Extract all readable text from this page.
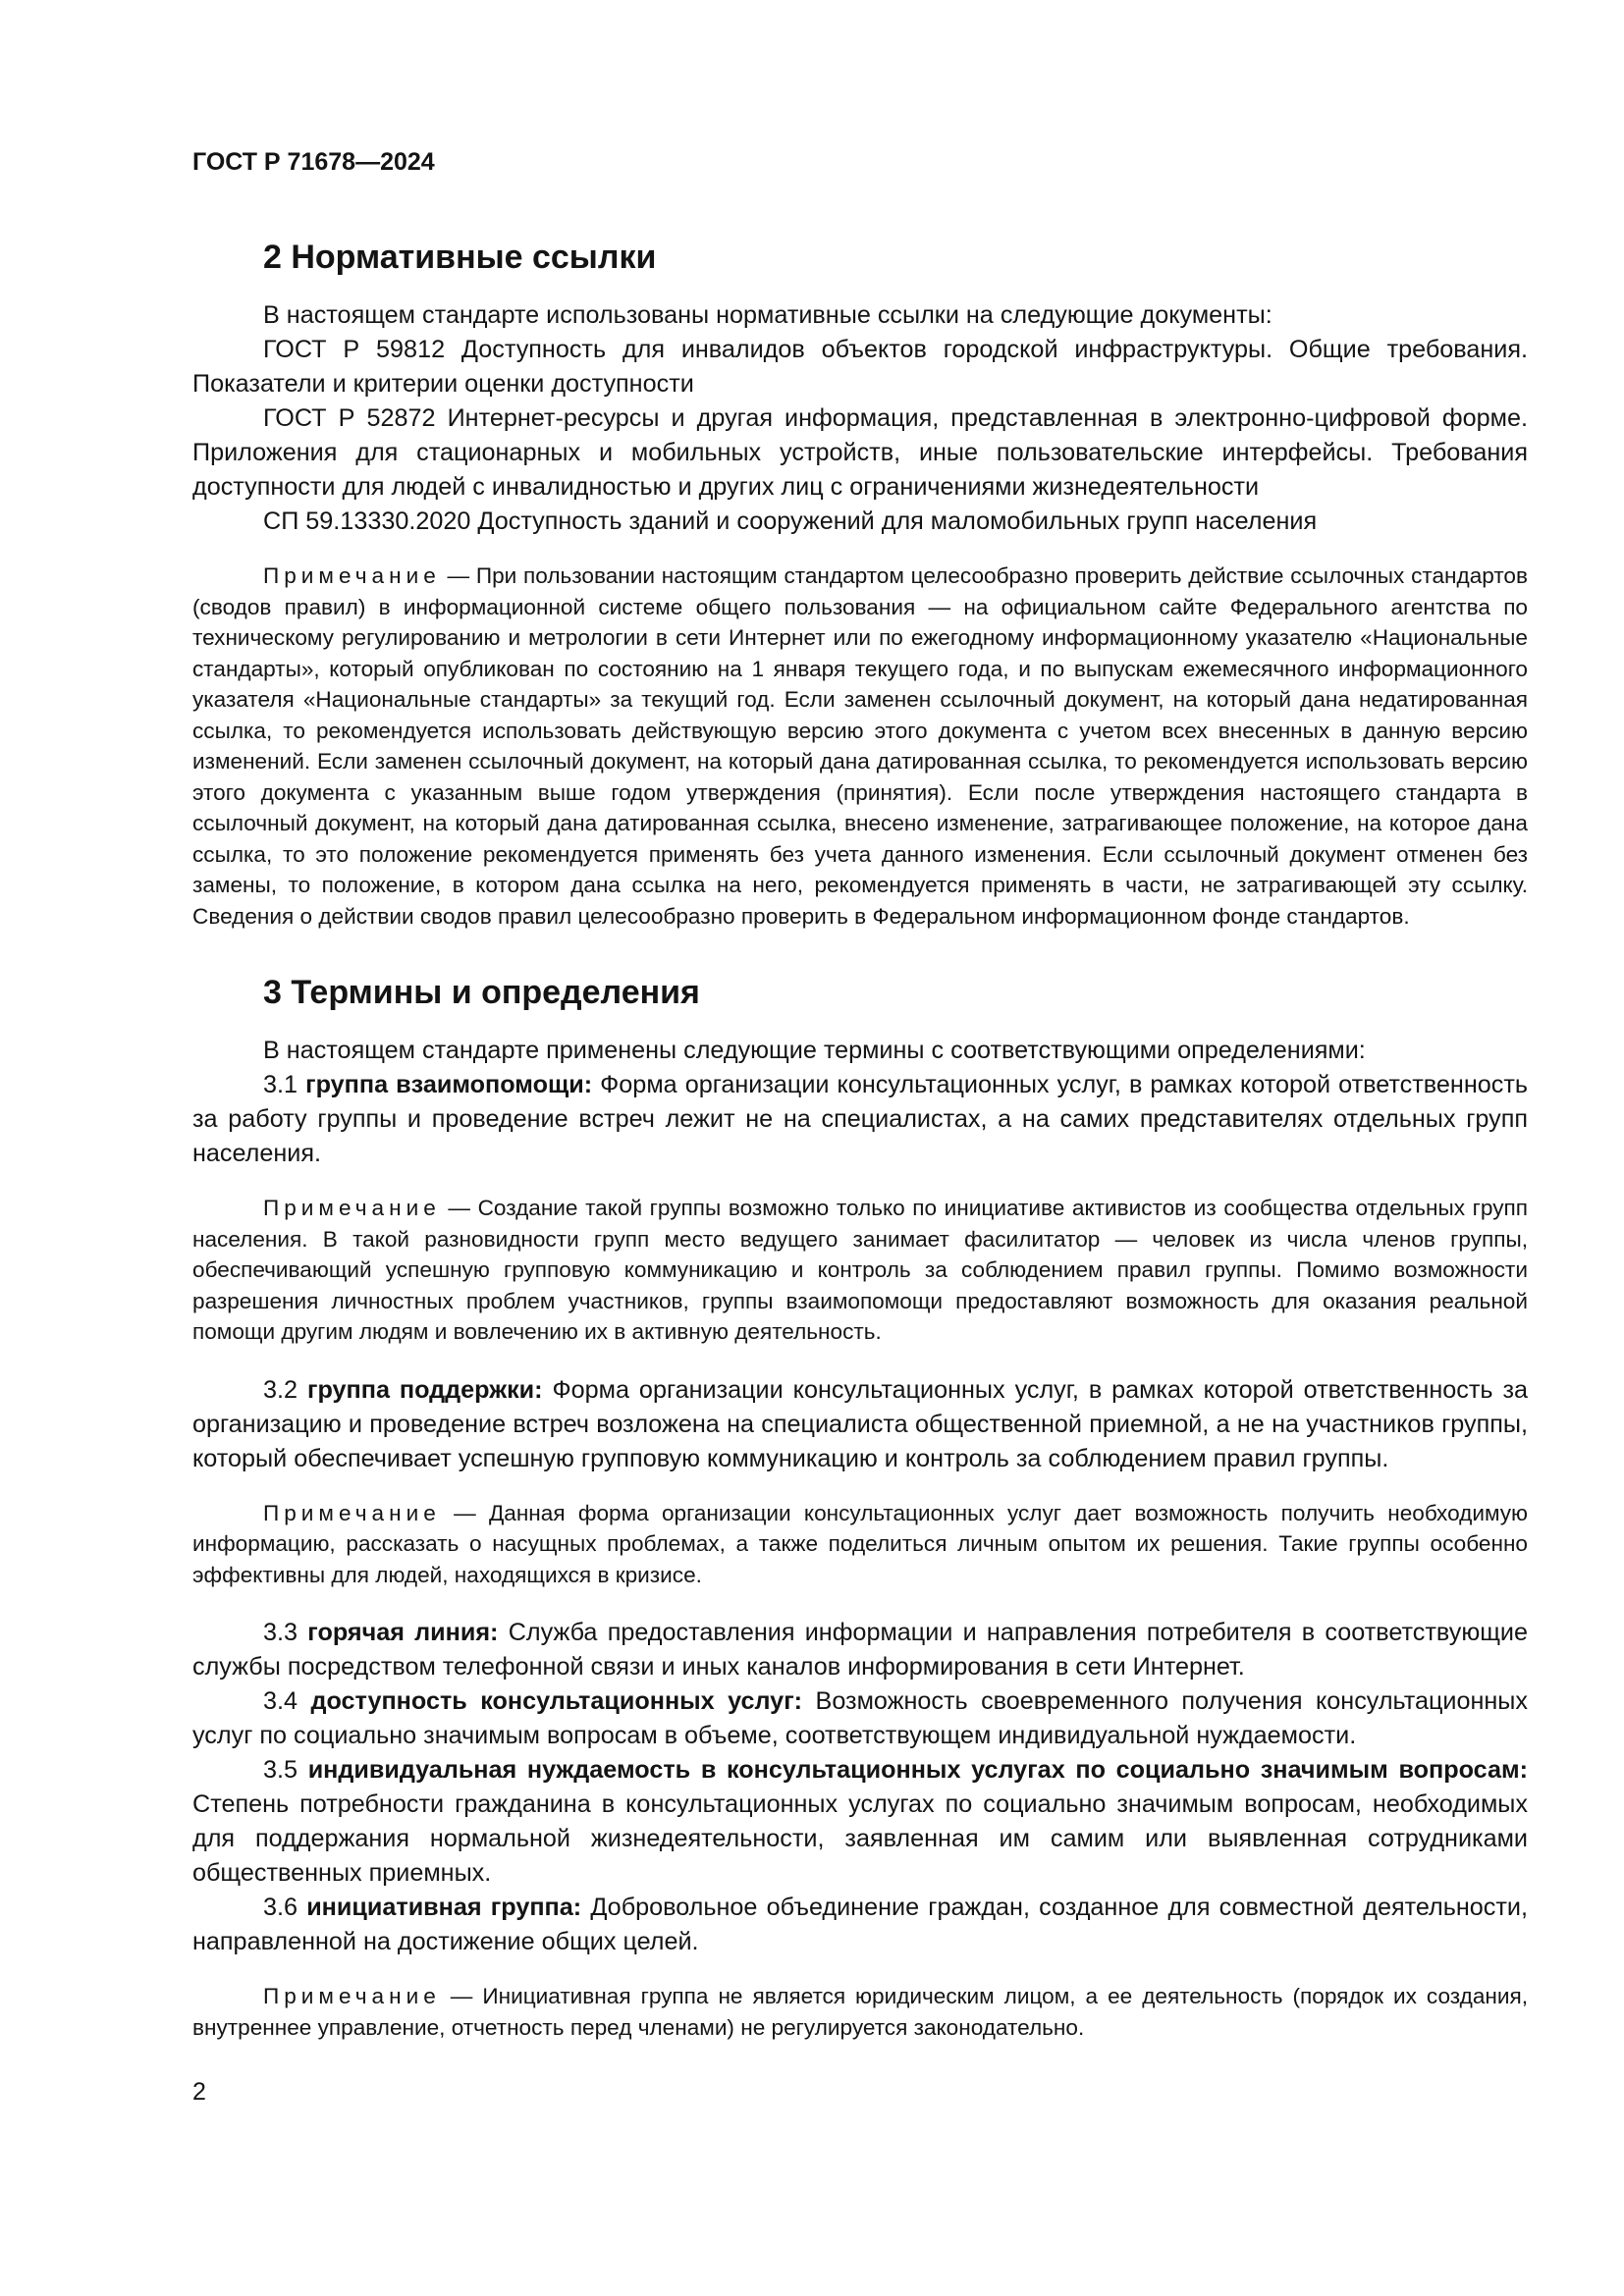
ГОСТ Р 71678—2024
2 Нормативные ссылки

В настоящем стандарте использованы нормативные ссылки на следующие документы:

ГОСТ Р 59812 Доступность для инвалидов объектов городской инфраструктуры. Общие требования. Показатели и критерии оценки доступности

ГОСТ Р 52872 Интернет-ресурсы и другая информация, представленная в электронно-цифровой форме. Приложения для стационарных и мобильных устройств, иные пользовательские интерфейсы. Требования доступности для людей с инвалидностью и других лиц с ограничениями жизнедеятельности

СП 59.13330.2020 Доступность зданий и сооружений для маломобильных групп населения

Примечание — При пользовании настоящим стандартом целесообразно проверить действие ссылочных стандартов (сводов правил) в информационной системе общего пользования — на официальном сайте Федерального агентства по техническому регулированию и метрологии в сети Интернет или по ежегодному информационному указателю «Национальные стандарты», который опубликован по состоянию на 1 января текущего года, и по выпускам ежемесячного информационного указателя «Национальные стандарты» за текущий год. Если заменен ссылочный документ, на который дана недатированная ссылка, то рекомендуется использовать действующую версию этого документа с учетом всех внесенных в данную версию изменений. Если заменен ссылочный документ, на который дана датированная ссылка, то рекомендуется использовать версию этого документа с указанным выше годом утверждения (принятия). Если после утверждения настоящего стандарта в ссылочный документ, на который дана датированная ссылка, внесено изменение, затрагивающее положение, на которое дана ссылка, то это положение рекомендуется применять без учета данного изменения. Если ссылочный документ отменен без замены, то положение, в котором дана ссылка на него, рекомендуется применять в части, не затрагивающей эту ссылку. Сведения о действии сводов правил целесообразно проверить в Федеральном информационном фонде стандартов.

3 Термины и определения

В настоящем стандарте применены следующие термины с соответствующими определениями:

3.1 группа взаимопомощи: Форма организации консультационных услуг, в рамках которой ответственность за работу группы и проведение встреч лежит не на специалистах, а на самих представителях отдельных групп населения.

Примечание — Создание такой группы возможно только по инициативе активистов из сообщества отдельных групп населения. В такой разновидности групп место ведущего занимает фасилитатор — человек из числа членов группы, обеспечивающий успешную групповую коммуникацию и контроль за соблюдением правил группы. Помимо возможности разрешения личностных проблем участников, группы взаимопомощи предоставляют возможность для оказания реальной помощи другим людям и вовлечению их в активную деятельность.

3.2 группа поддержки: Форма организации консультационных услуг, в рамках которой ответственность за организацию и проведение встреч возложена на специалиста общественной приемной, а не на участников группы, который обеспечивает успешную групповую коммуникацию и контроль за соблюдением правил группы.

Примечание — Данная форма организации консультационных услуг дает возможность получить необходимую информацию, рассказать о насущных проблемах, а также поделиться личным опытом их решения. Такие группы особенно эффективны для людей, находящихся в кризисе.

3.3 горячая линия: Служба предоставления информации и направления потребителя в соответствующие службы посредством телефонной связи и иных каналов информирования в сети Интернет.

3.4 доступность консультационных услуг: Возможность своевременного получения консультационных услуг по социально значимым вопросам в объеме, соответствующем индивидуальной нуждаемости.

3.5 индивидуальная нуждаемость в консультационных услугах по социально значимым вопросам: Степень потребности гражданина в консультационных услугах по социально значимым вопросам, необходимых для поддержания нормальной жизнедеятельности, заявленная им самим или выявленная сотрудниками общественных приемных.

3.6 инициативная группа: Добровольное объединение граждан, созданное для совместной деятельности, направленной на достижение общих целей.

Примечание — Инициативная группа не является юридическим лицом, а ее деятельность (порядок их создания, внутреннее управление, отчетность перед членами) не регулируется законодательно.

2
